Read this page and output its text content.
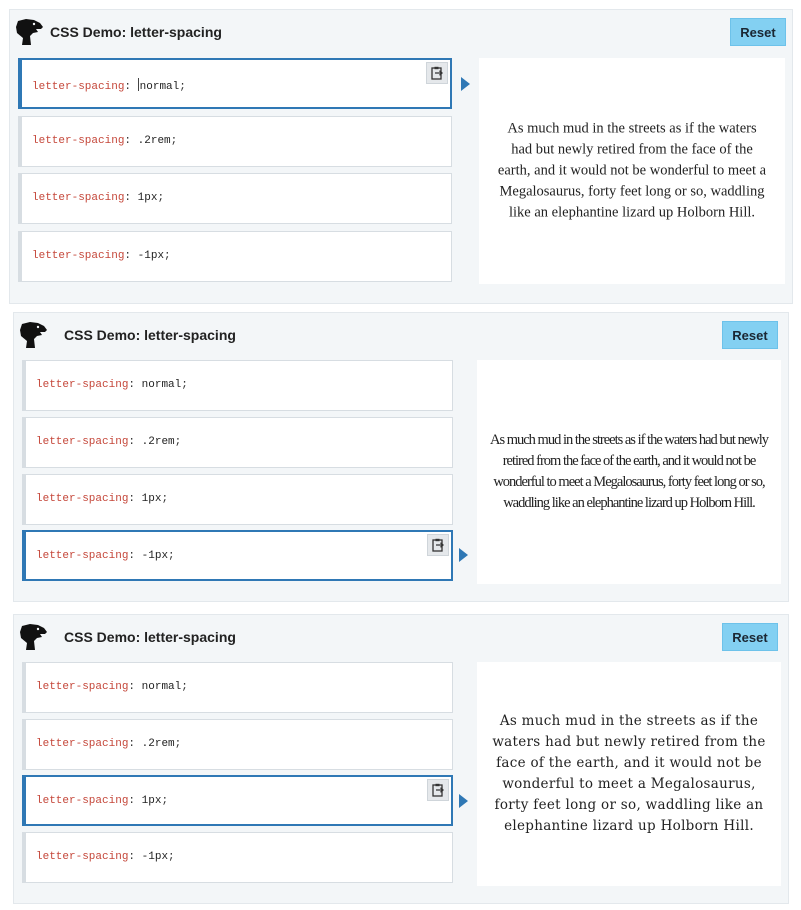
CSS Demo: letter-spacing	Reset
letter-spacing: normal;
letter-spacing: .2rem;
letter-spacing: 1px;
letter-spacing: -1px;
As much mud in the streets as if the waters had but newly retired from the face of the earth, and it would not be wonderful to meet a Megalosaurus, forty feet long or so, waddling like an elephantine lizard up Holborn Hill.
CSS Demo: letter-spacing	Reset
letter-spacing: normal;
letter-spacing: .2rem;
letter-spacing: 1px;
letter-spacing: -1px;
As much mud in the streets as if the waters had but newly retired from the face of the earth, and it would not be wonderful to meet a Megalosaurus, forty feet long or so, waddling like an elephantine lizard up Holborn Hill.
CSS Demo: letter-spacing	Reset
letter-spacing: normal;
letter-spacing: .2rem;
letter-spacing: 1px;
letter-spacing: -1px;
As much mud in the streets as if the waters had but newly retired from the face of the earth, and it would not be wonderful to meet a Megalosaurus, forty feet long or so, waddling like an elephantine lizard up Holborn Hill.
